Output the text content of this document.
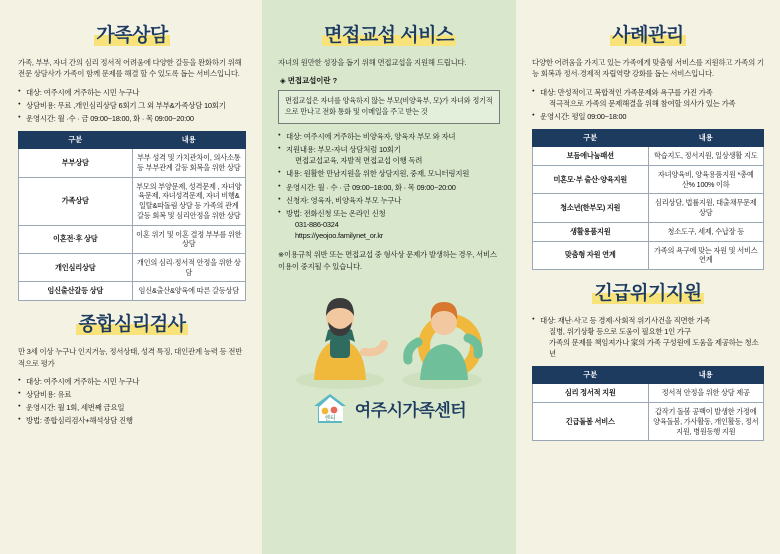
가족상담

가족, 부부, 자녀 간의 심리 정서적 어려움에 다양한 갈등을 완화하기 위해 전문 상담사가 가족이 함께 문제를 해결 할 수 있도록 돕는 서비스입니다.

● 대상: 여주시에 거주하는 시민 누구나
● 상담비용: 무료 ,개인심리상담 6회기 그 외 부부&가족상담 10회기
● 운영시간: 월 ·수 · 금 09:00~18:00, 화 · 목 09:00~20:00
구분	내용
부부상담	부부 성격 및 가치관차이, 의사소통 등 부부관계 갈등 회복을 위한 상담
가족상담	부모의 부양문제, 성격문제 , 자녀양육문제, 자녀성격문제, 자녀 비행&일탈&따돌림 상담 등 가족의 관계 갈등 회복 및 심리안정을 위한 상담
이혼전·후 상담	이혼 위기 및 이혼 결정 부부를 위한 상담
개인심리상담	개인의 심리·정서적 안정을 위한 상담
임신출산갈등 상담	임신&출산&양육에 따른 갈등상담
종합심리검사

만 3세 이상 누구나 인지거능, 정서상태, 성격 특징, 대인관계 능력 등 전반적으로 평가

● 대상: 여주시에 거주하는 시민 누구나
● 상담비용: 유료
● 운영시간: 월 1회, 세번째 금요일
● 방법: 종합심리검사+해석상담 진행
면접교섭 서비스

자녀의 원만한 성장을 돕기 위해 면접교섭을 지원해 드립니다.

◈ 면접교섭이란 ?
면접교섭은 자녀를 양육하지 않는 부모(비양육부, 모)가 자녀와 정기적으로 만나고 전화 통화 및 이메일을 주고 받는 것
● 대상: 여주시에 거주하는 비양육자, 양육자 부모 와 자녀
● 지원내용: 부모-자녀 상담처럼 10회기
면접교섭교육, 자발적 면접교섭 이행 독려
● 내용: 원활한 만남지원을 위한 상담지원, 중재, 모니터링지원
● 운영시간: 월 · 수 · 금 09:00~18:00, 화 · 목 09:00~20:00
● 신청자: 영육자, 비양육자 부모 누구나
● 방법: 전화신청 또는 온라인 신청
031-886-0324
https://yeojoo.familynet_or.kr

※이용규칙 위반 또는 면접교섭 중 형사상 문제가 발생하는 경우, 서비스 이용이 중지될 수 있습니다.

센터 여주시가족센터
사례관리

다양한 어려움을 가지고 있는 가족에게 맞춤형 서비스를 지원하고 가족의 기능 회복과 정서·경제적 자립역량 강화를 돕는 서비스입니다.

● 대상: 만성적이고 복합적인 가족문제와 욕구를 가진 가족
적극적으로 가족의 문제해결을 위해 참여할 의사가 있는 가족
● 운영시간: 평일 09:00~18:00
구분	내용
보듬애나눔패션	학습지도, 정서지원, 일상생활 지도
미혼모·부 출산·양육지원	자녀양육비, 양육용품지원 *총예산% 100% 이하
청소년(한부모) 지원	심리상담, 법률지원, 대출채무문제 상담
생활용품지원	청소도구, 세제, 수납장 등
맞춤형 자원 연계	가족의 욕구에 맞는 자원 및 서비스 연계
긴급위기지원
● 대상: 재난·사고 등 경제·사회적 위기사건을 직면한 가족
질병, 위기상황 등으로 도움이 필요한 1인 가구
가족의 문제를 책임져가나 家의 가족 구성원에 도움을 제공하는 청소년
구분	내용
심리 정서적 지원	정서적 안정을 위한 상담 제공
긴급돌봄 서비스	갑작기 돌봄 공백이 발생한 가정에 양육돌봄, 가사활동, 개인활동, 정서지원, 병원동행 지원
